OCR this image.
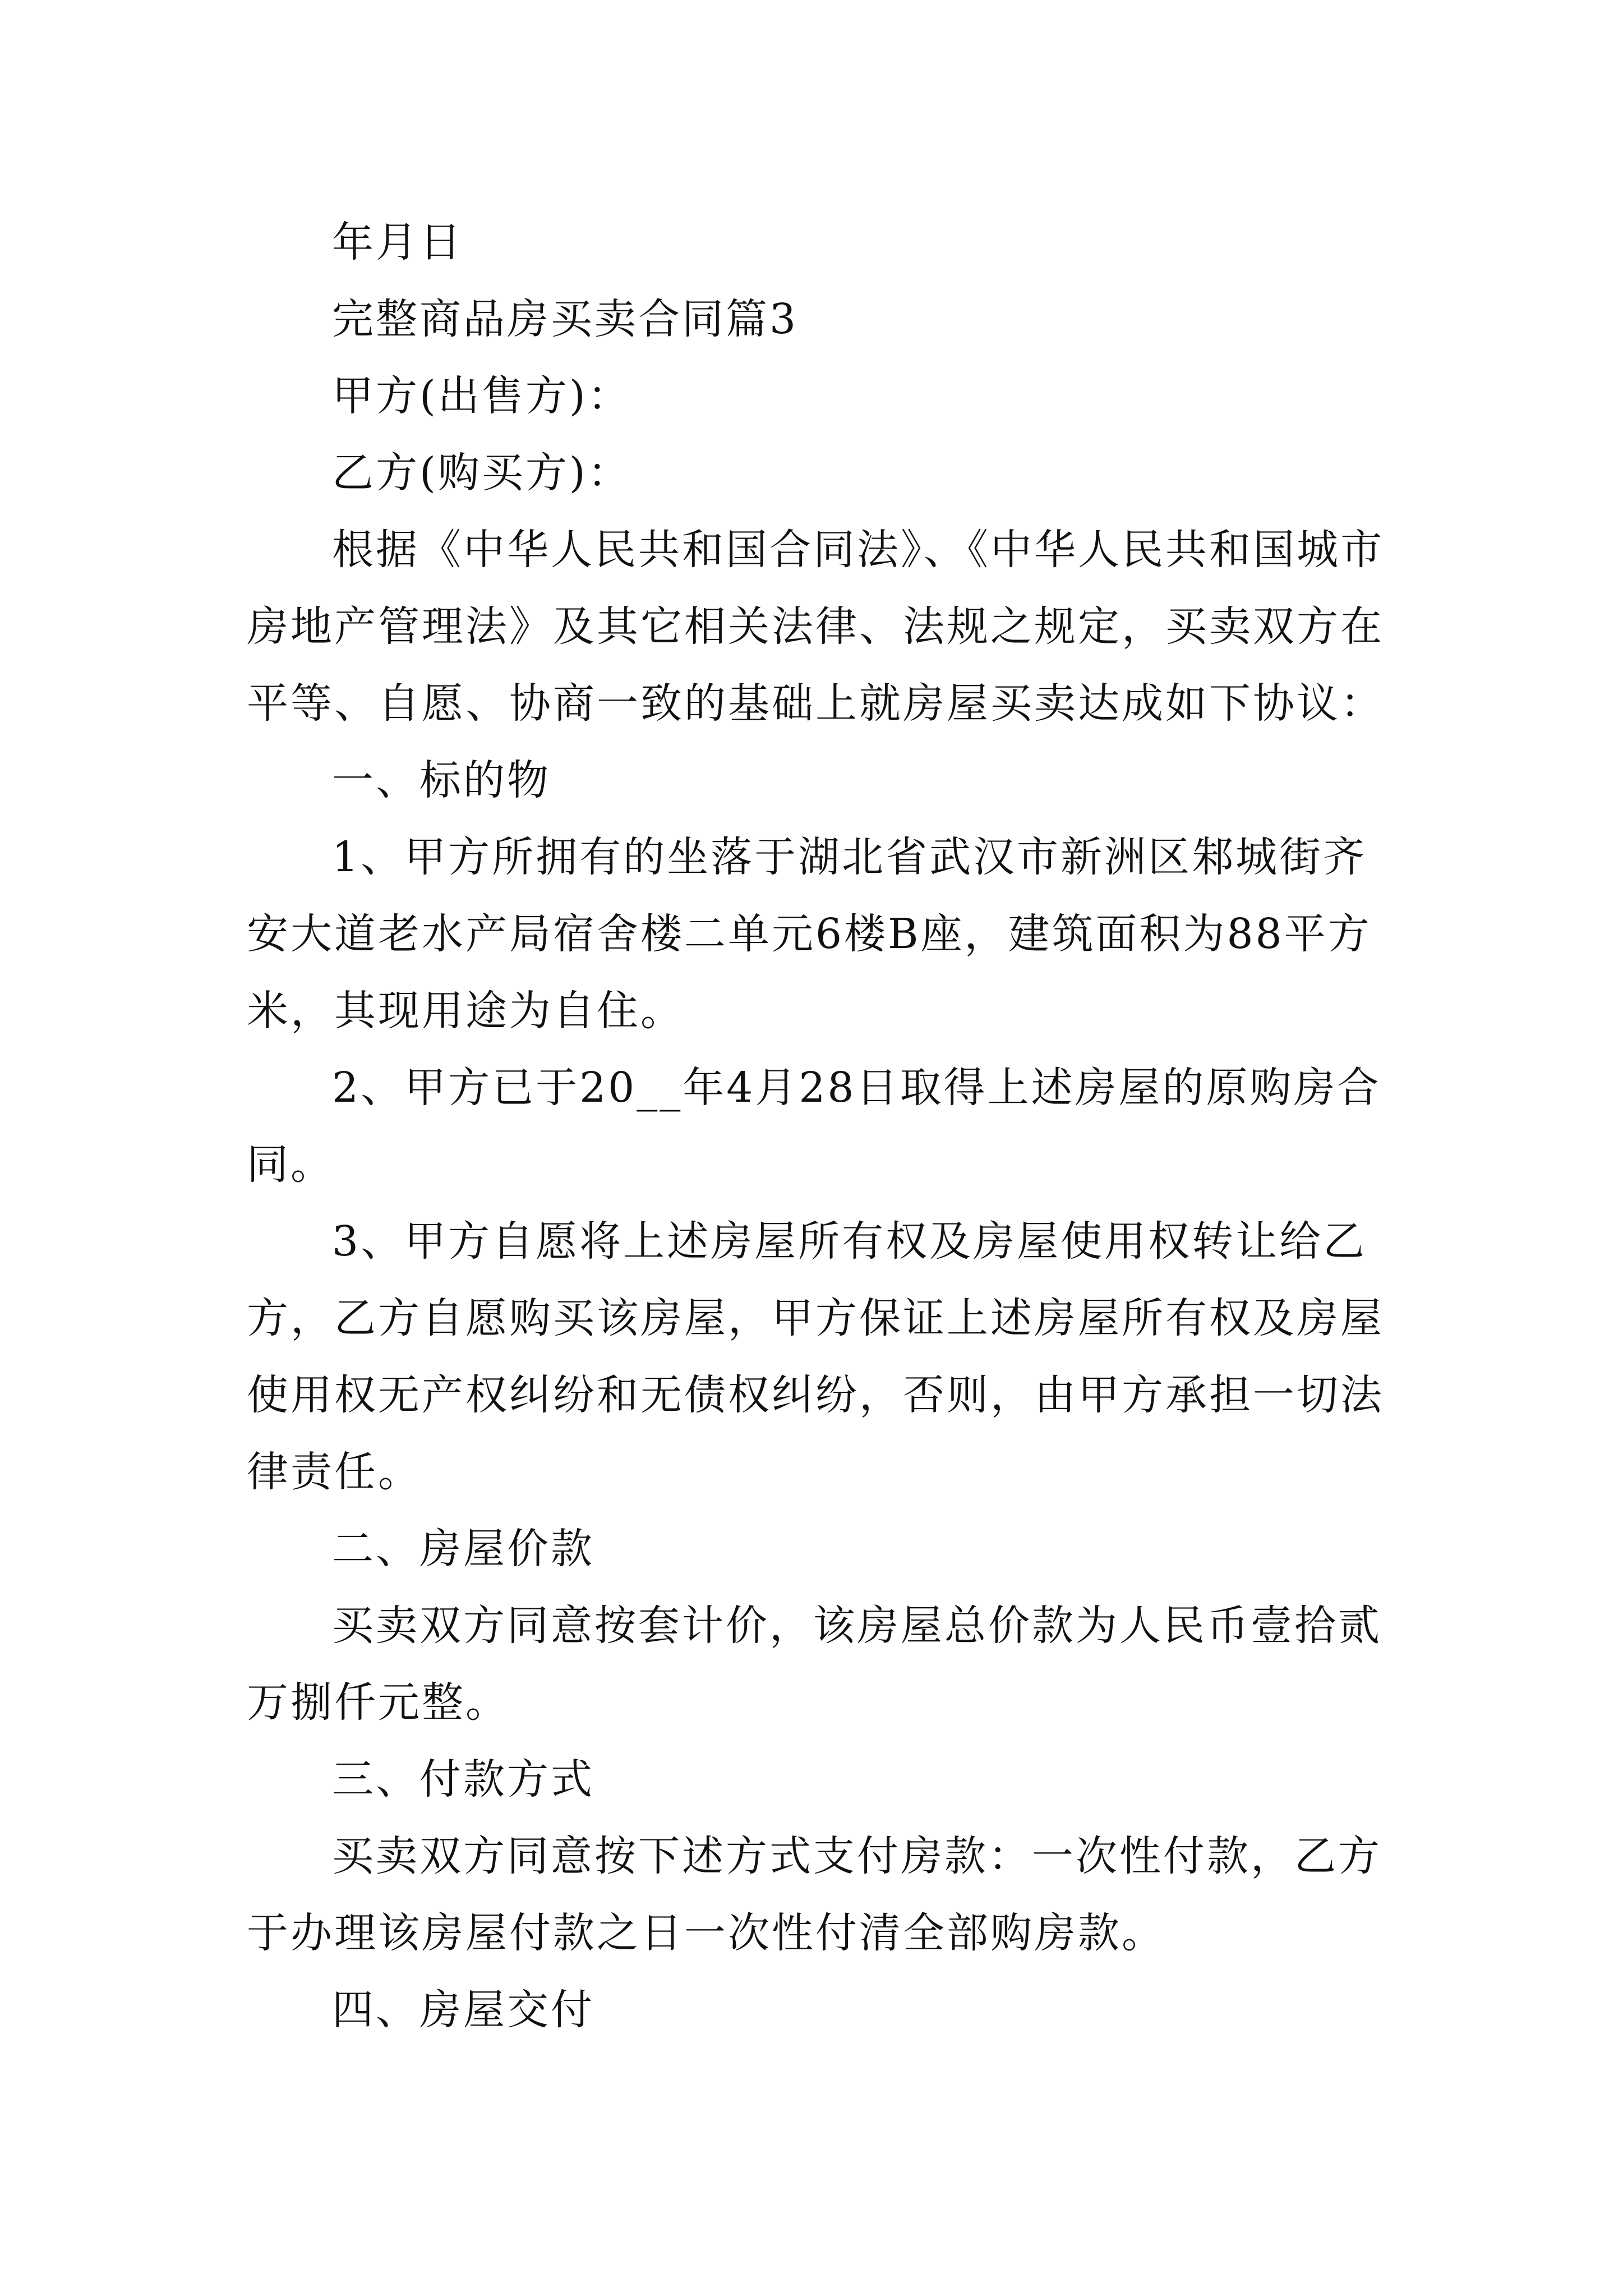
年月日

完整商品房买卖合同篇3

甲方(出售方)：

乙方(购买方)：

根据《中华人民共和国合同法》、《中华人民共和国城市房地产管理法》及其它相关法律、法规之规定，买卖双方在平等、自愿、协商一致的基础上就房屋买卖达成如下协议：

一、标的物

1、甲方所拥有的坐落于湖北省武汉市新洲区邾城街齐安大道老水产局宿舍楼二单元6楼B座，建筑面积为88平方米，其现用途为自住。

2、甲方已于20__年4月28日取得上述房屋的原购房合同。

3、甲方自愿将上述房屋所有权及房屋使用权转让给乙方，乙方自愿购买该房屋，甲方保证上述房屋所有权及房屋使用权无产权纠纷和无债权纠纷，否则，由甲方承担一切法律责任。

二、房屋价款

买卖双方同意按套计价，该房屋总价款为人民币壹拾贰万捌仟元整。

三、付款方式

买卖双方同意按下述方式支付房款：一次性付款，乙方于办理该房屋付款之日一次性付清全部购房款。

四、房屋交付
